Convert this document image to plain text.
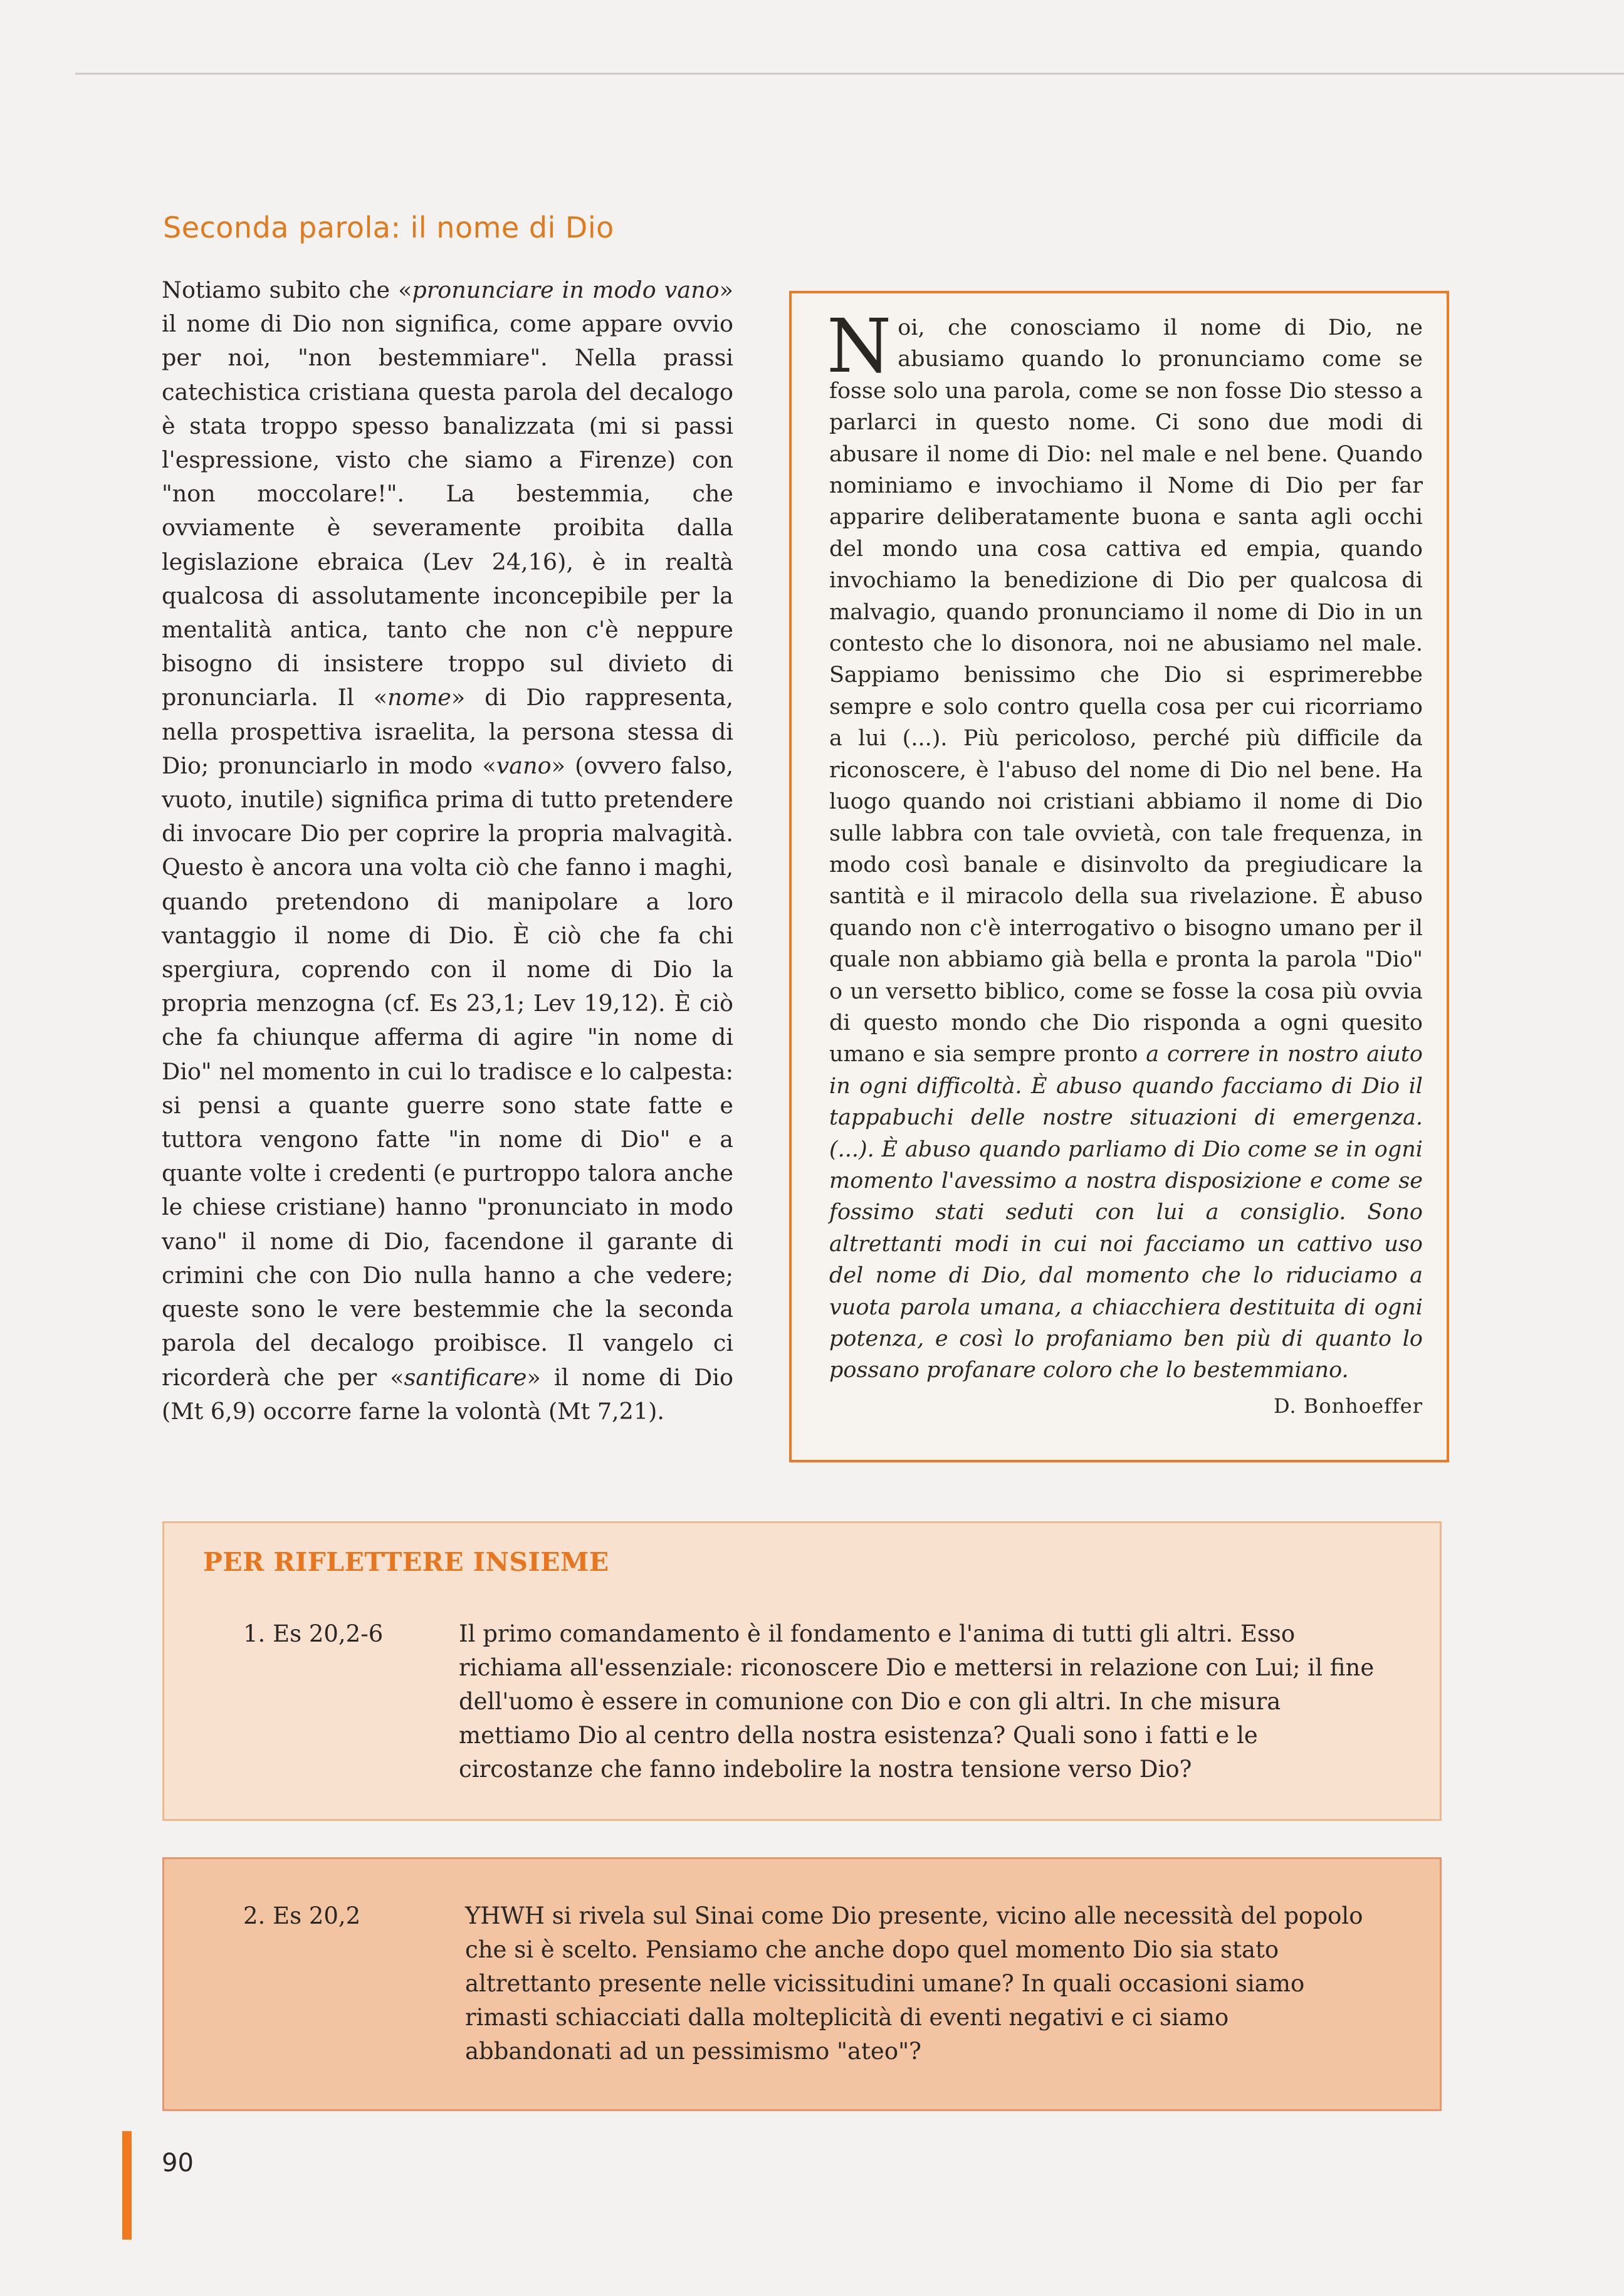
Seconda parola: il nome di Dio

Notiamo subito che «pronunciare in modo vano» il nome di Dio non significa, come appare ovvio per noi, "non bestemmiare". Nella prassi catechistica cristiana questa parola del decalogo è stata troppo spesso banalizzata (mi si passi l'espressione, visto che siamo a Firenze) con "non moccolare!". La bestemmia, che ovviamente è severamente proibita dalla legislazione ebraica (Lev 24,16), è in realtà qualcosa di assolutamente inconcepibile per la mentalità antica, tanto che non c'è neppure bisogno di insistere troppo sul divieto di pronunciarla. Il «nome» di Dio rappresenta, nella prospettiva israelita, la persona stessa di Dio; pronunciarlo in modo «vano» (ovvero falso, vuoto, inutile) significa prima di tutto pretendere di invocare Dio per coprire la propria malvagità. Questo è ancora una volta ciò che fanno i maghi, quando pretendono di manipolare a loro vantaggio il nome di Dio. È ciò che fa chi spergiura, coprendo con il nome di Dio la propria menzogna (cf. Es 23,1; Lev 19,12). È ciò che fa chiunque afferma di agire "in nome di Dio" nel momento in cui lo tradisce e lo calpesta: si pensi a quante guerre sono state fatte e tuttora vengono fatte "in nome di Dio" e a quante volte i credenti (e purtroppo talora anche le chiese cristiane) hanno "pronunciato in modo vano" il nome di Dio, facendone il garante di crimini che con Dio nulla hanno a che vedere; queste sono le vere bestemmie che la seconda parola del decalogo proibisce. Il vangelo ci ricorderà che per «santificare» il nome di Dio (Mt 6,9) occorre farne la volontà (Mt 7,21).

Noi, che conosciamo il nome di Dio, ne abusiamo quando lo pronunciamo come se fosse solo una parola, come se non fosse Dio stesso a parlarci in questo nome. Ci sono due modi di abusare il nome di Dio: nel male e nel bene. Quando nominiamo e invochiamo il Nome di Dio per far apparire deliberatamente buona e santa agli occhi del mondo una cosa cattiva ed empia, quando invochiamo la benedizione di Dio per qualcosa di malvagio, quando pronunciamo il nome di Dio in un contesto che lo disonora, noi ne abusiamo nel male. Sappiamo benissimo che Dio si esprimerebbe sempre e solo contro quella cosa per cui ricorriamo a lui (...). Più pericoloso, perché più difficile da riconoscere, è l'abuso del nome di Dio nel bene. Ha luogo quando noi cristiani abbiamo il nome di Dio sulle labbra con tale ovvietà, con tale frequenza, in modo così banale e disinvolto da pregiudicare la santità e il miracolo della sua rivelazione. È abuso quando non c'è interrogativo o bisogno umano per il quale non abbiamo già bella e pronta la parola "Dio" o un versetto biblico, come se fosse la cosa più ovvia di questo mondo che Dio risponda a ogni quesito umano e sia sempre pronto a correre in nostro aiuto in ogni difficoltà. È abuso quando facciamo di Dio il tappabuchi delle nostre situazioni di emergenza. (...). È abuso quando parliamo di Dio come se in ogni momento l'avessimo a nostra disposizione e come se fossimo stati seduti con lui a consiglio. Sono altrettanti modi in cui noi facciamo un cattivo uso del nome di Dio, dal momento che lo riduciamo a vuota parola umana, a chiacchiera destituita di ogni potenza, e così lo profaniamo ben più di quanto lo possano profanare coloro che lo bestemmiano.

D. Bonhoeffer
PER RIFLETTERE INSIEME
1. Es 20,2-6	Il primo comandamento è il fondamento e l'anima di tutti gli altri. Esso richiama all'essenziale: riconoscere Dio e mettersi in relazione con Lui; il fine dell'uomo è essere in comunione con Dio e con gli altri. In che misura mettiamo Dio al centro della nostra esistenza? Quali sono i fatti e le circostanze che fanno indebolire la nostra tensione verso Dio?
2. Es 20,2	YHWH si rivela sul Sinai come Dio presente, vicino alle necessità del popolo che si è scelto. Pensiamo che anche dopo quel momento Dio sia stato altrettanto presente nelle vicissitudini umane? In quali occasioni siamo rimasti schiacciati dalla molteplicità di eventi negativi e ci siamo abbandonati ad un pessimismo "ateo"?
90
